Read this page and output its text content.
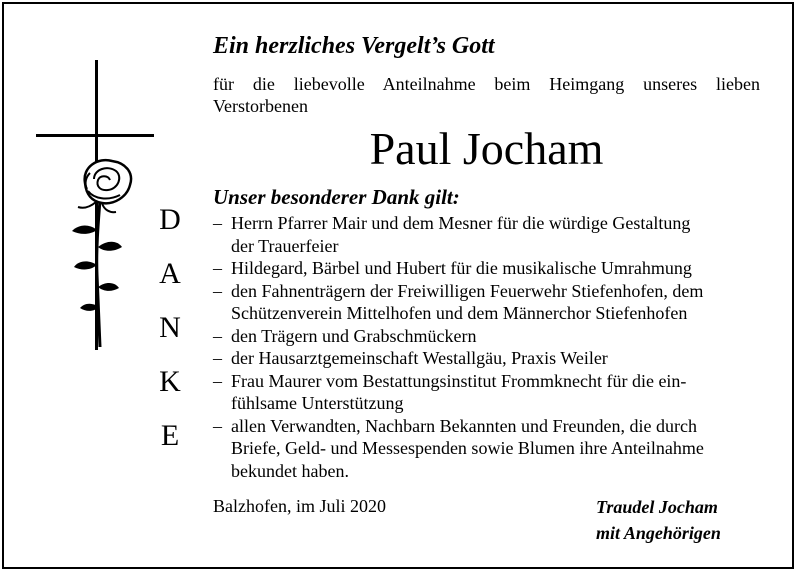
D
A
N
K
E
Ein herzliches Vergelt’s Gott
für die liebevolle Anteilnahme beim Heimgang unseres lieben
Verstorbenen
Paul Jocham
Unser besonderer Dank gilt:
– Herrn Pfarrer Mair und dem Mesner für die würdige Gestaltung
der Trauerfeier
– Hildegard, Bärbel und Hubert für die musikalische Umrahmung
– den Fahnenträgern der Freiwilligen Feuerwehr Stiefenhofen, dem
Schützenverein Mittelhofen und dem Männerchor Stiefenhofen
– den Trägern und Grabschmückern
– der Hausarztgemeinschaft Westallgäu, Praxis Weiler
– Frau Maurer vom Bestattungsinstitut Frommknecht für die ein-
fühlsame Unterstützung
– allen Verwandten, Nachbarn Bekannten und Freunden, die durch
Briefe, Geld- und Messespenden sowie Blumen ihre Anteilnahme
bekundet haben.
Balzhofen, im Juli 2020	Traudel Jocham
mit Angehörigen
